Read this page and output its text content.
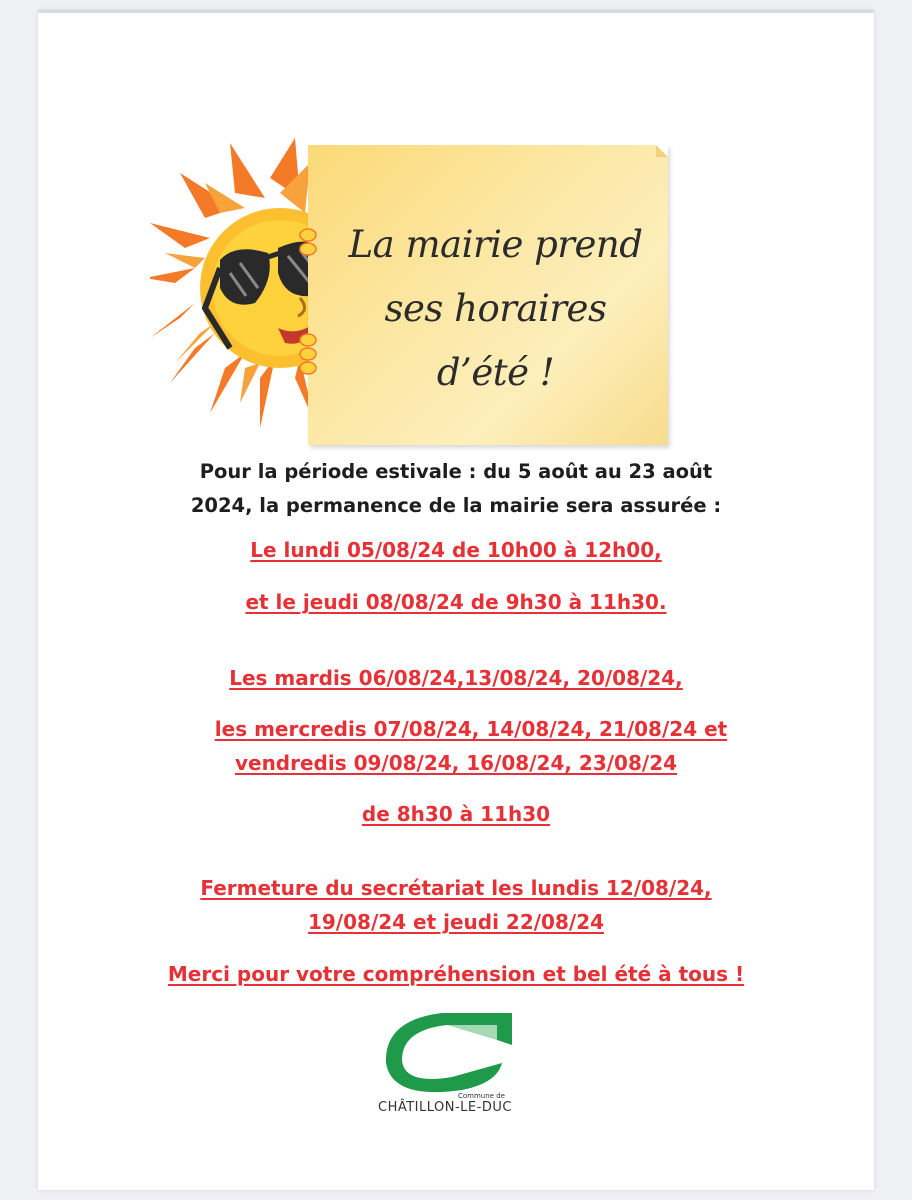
La mairie prend
ses horaires
d’été !
Pour la période estivale : du 5 août au 23 août
2024, la permanence de la mairie sera assurée :
Le lundi 05/08/24 de 10h00 à 12h00,
et le jeudi 08/08/24 de 9h30 à 11h30.
Les mardis 06/08/24,13/08/24, 20/08/24,
les mercredis 07/08/24, 14/08/24, 21/08/24 et
vendredis 09/08/24, 16/08/24, 23/08/24
de 8h30 à 11h30
Fermeture du secrétariat les lundis 12/08/24,
19/08/24 et jeudi 22/08/24
Merci pour votre compréhension et bel été à tous !
Commune de
CHÂTILLON-LE-DUC
